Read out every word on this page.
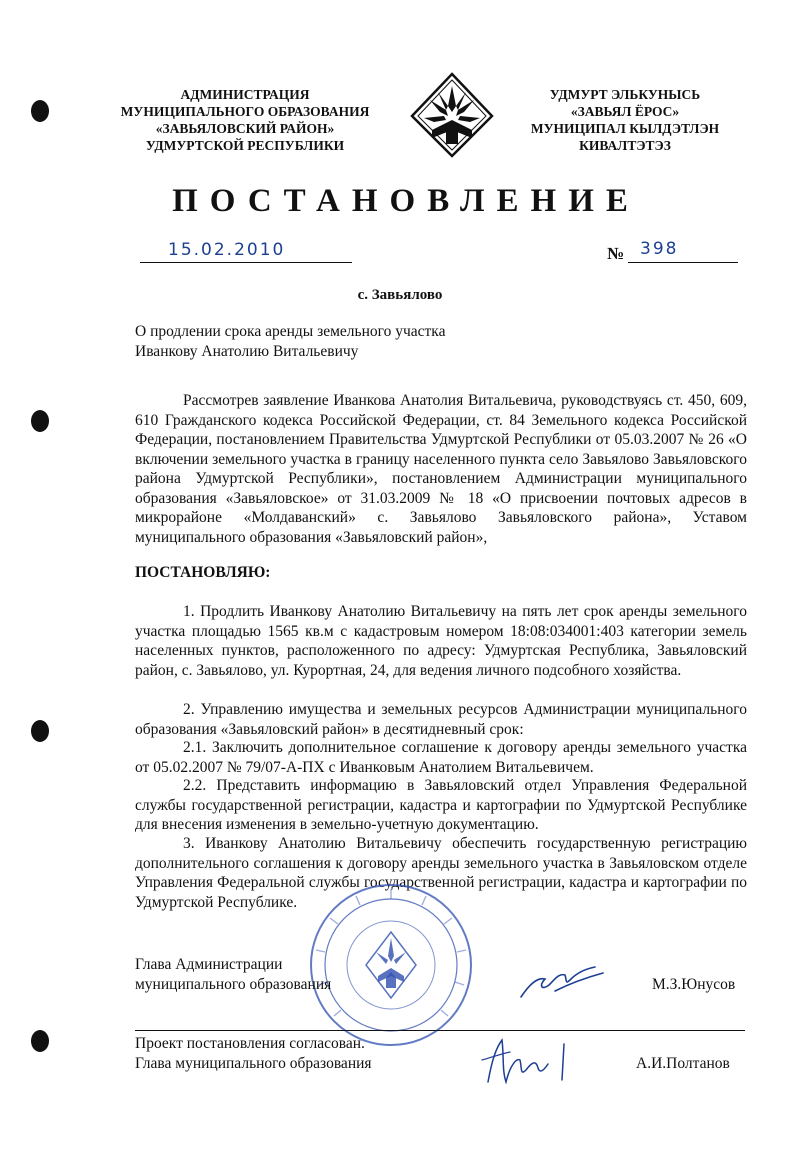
АДМИНИСТРАЦИЯ
МУНИЦИПАЛЬНОГО ОБРАЗОВАНИЯ
«ЗАВЬЯЛОВСКИЙ РАЙОН»
УДМУРТСКОЙ РЕСПУБЛИКИ
УДМУРТ ЭЛЬКУНЫСЬ
«ЗАВЬЯЛ ЁРОС»
МУНИЦИПАЛ КЫЛДЭТЛЭН
КИВАЛТЭТЭЗ
ПОСТАНОВЛЕНИЕ
15.02.2010	№ 398
с. Завьялово
О продлении срока аренды земельного участка
Иванкову Анатолию Витальевичу

Рассмотрев заявление Иванкова Анатолия Витальевича, руководствуясь ст. 450, 609, 610 Гражданского кодекса Российской Федерации, ст. 84 Земельного кодекса Российской Федерации, постановлением Правительства Удмуртской Республики от 05.03.2007 № 26 «О включении земельного участка в границу населенного пункта село Завьялово Завьяловского района Удмуртской Республики», постановлением Администрации муниципального образования «Завьяловское» от 31.03.2009 № 18 «О присвоении почтовых адресов в микрорайоне «Молдаванский» с. Завьялово Завьяловского района», Уставом муниципального образования «Завьяловский район»,

ПОСТАНОВЛЯЮ:

1. Продлить Иванкову Анатолию Витальевичу на пять лет срок аренды земельного участка площадью 1565 кв.м с кадастровым номером 18:08:034001:403 категории земель населенных пунктов, расположенного по адресу: Удмуртская Республика, Завьяловский район, с. Завьялово, ул. Курортная, 24, для ведения личного подсобного хозяйства.

2. Управлению имущества и земельных ресурсов Администрации муниципального образования «Завьяловский район» в десятидневный срок:

2.1. Заключить дополнительное соглашение к договору аренды земельного участка от 05.02.2007 № 79/07-А-ПХ с Иванковым Анатолием Витальевичем.

2.2. Представить информацию в Завьяловский отдел Управления Федеральной службы государственной регистрации, кадастра и картографии по Удмуртской Республике для внесения изменения в земельно-учетную документацию.

3. Иванкову Анатолию Витальевичу обеспечить государственную регистрацию дополнительного соглашения к договору аренды земельного участка в Завьяловском отделе Управления Федеральной службы государственной регистрации, кадастра и картографии по Удмуртской Республике.

Глава Администрации
муниципального образования	М.З.Юнусов
Проект постановления согласован.
Глава муниципального образования	А.И.Полтанов
